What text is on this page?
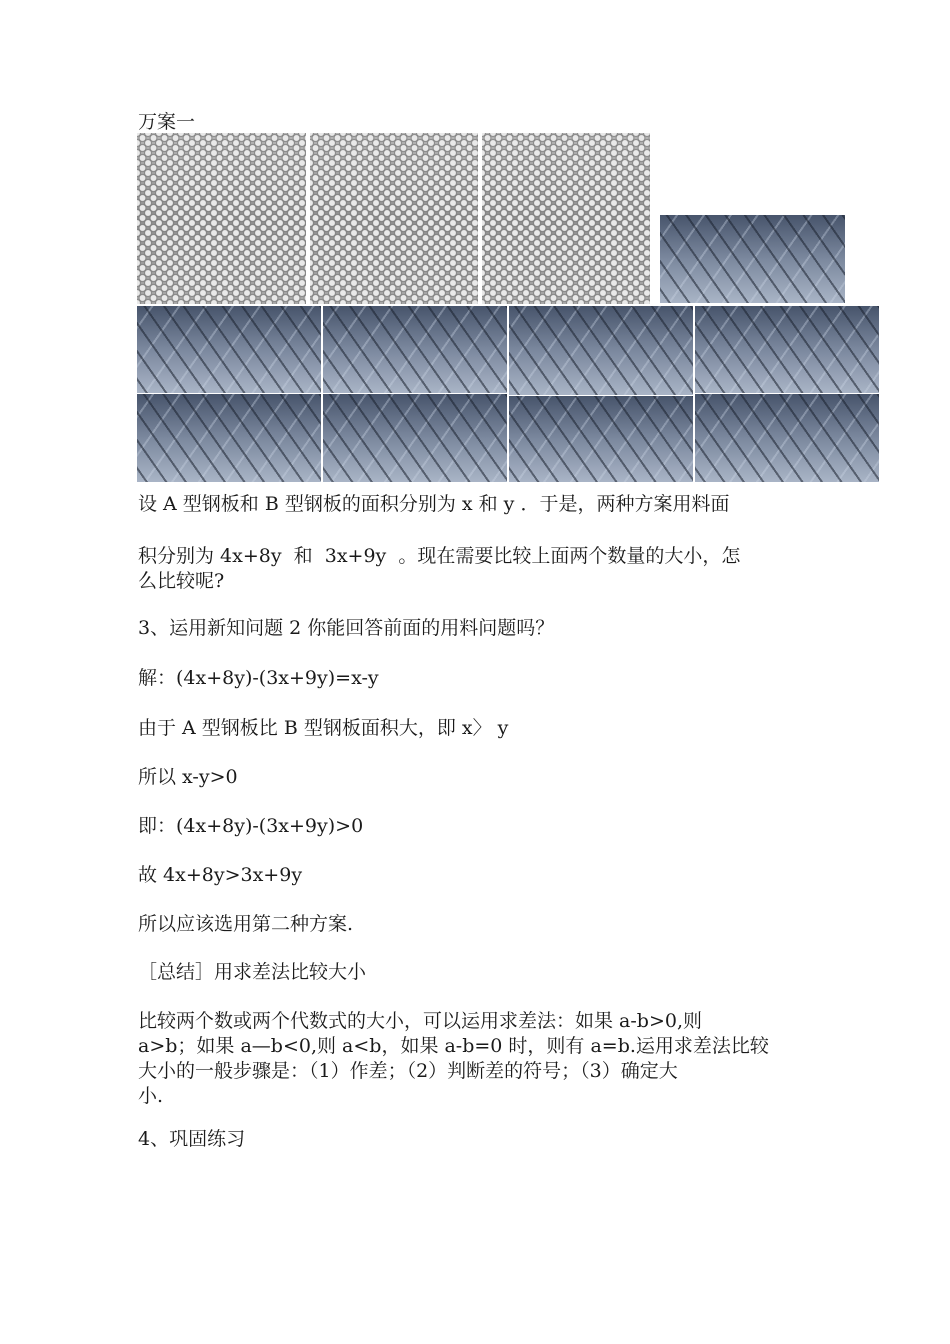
万案一

设 A 型钢板和 B 型钢板的面积分别为 x 和 y ．于是，两种方案用料面

积分别为 4x+8y  和  3x+9y  。现在需要比较上面两个数量的大小，怎

么比较呢?

3、运用新知问题 2 你能回答前面的用料问题吗？

解：(4x+8y)-(3x+9y)=x-y

由于 A 型钢板比 B 型钢板面积大，即 x〉 y

所以 x-y>0

即：(4x+8y)-(3x+9y)>0

故 4x+8y>3x+9y

所以应该选用第二种方案.

［总结］用求差法比较大小

比较两个数或两个代数式的大小，可以运用求差法：如果 a-b>0,则

a>b；如果 a—b<0,则 a<b，如果 a-b=0 时，则有 a=b.运用求差法比较

大小的一般步骤是：（1）作差；（2）判断差的符号；（3）确定大

小.

4、巩固练习
